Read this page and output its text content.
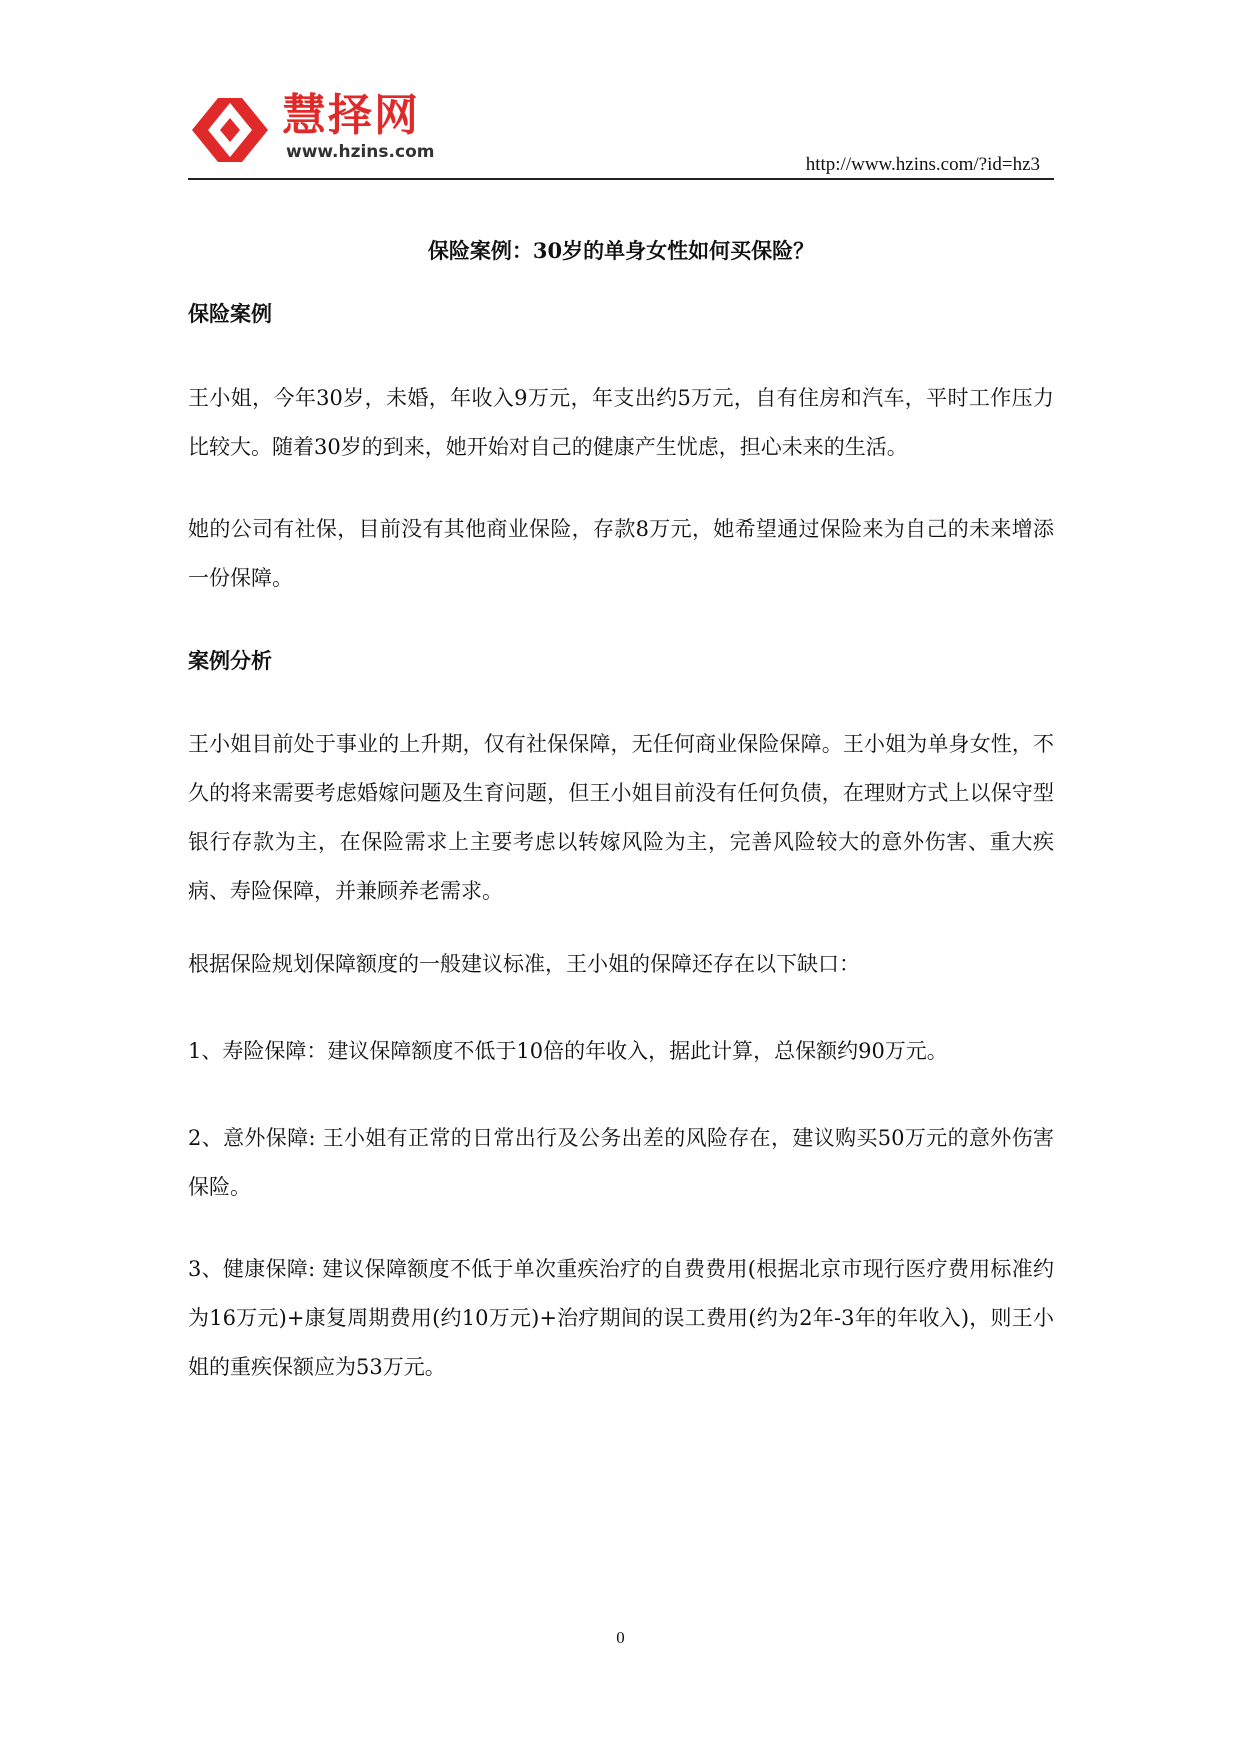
慧择网
www.hzins.com
http://www.hzins.com/?id=hz3
保险案例：30岁的单身女性如何买保险？
保险案例
王小姐，今年30岁，未婚，年收入9万元，年支出约5万元，自有住房和汽车，平时工作压力比较大。随着30岁的到来，她开始对自己的健康产生忧虑，担心未来的生活。
她的公司有社保，目前没有其他商业保险，存款8万元，她希望通过保险来为自己的未来增添一份保障。
案例分析
王小姐目前处于事业的上升期，仅有社保保障，无任何商业保险保障。王小姐为单身女性，不久的将来需要考虑婚嫁问题及生育问题，但王小姐目前没有任何负债，在理财方式上以保守型银行存款为主，在保险需求上主要考虑以转嫁风险为主，完善风险较大的意外伤害、重大疾病、寿险保障，并兼顾养老需求。
根据保险规划保障额度的一般建议标准，王小姐的保障还存在以下缺口：
1、寿险保障：建议保障额度不低于10倍的年收入，据此计算，总保额约90万元。
2、意外保障: 王小姐有正常的日常出行及公务出差的风险存在，建议购买50万元的意外伤害保险。
3、健康保障: 建议保障额度不低于单次重疾治疗的自费费用(根据北京市现行医疗费用标准约为16万元)+康复周期费用(约10万元)+治疗期间的误工费用(约为2年-3年的年收入)，则王小姐的重疾保额应为53万元。
0
